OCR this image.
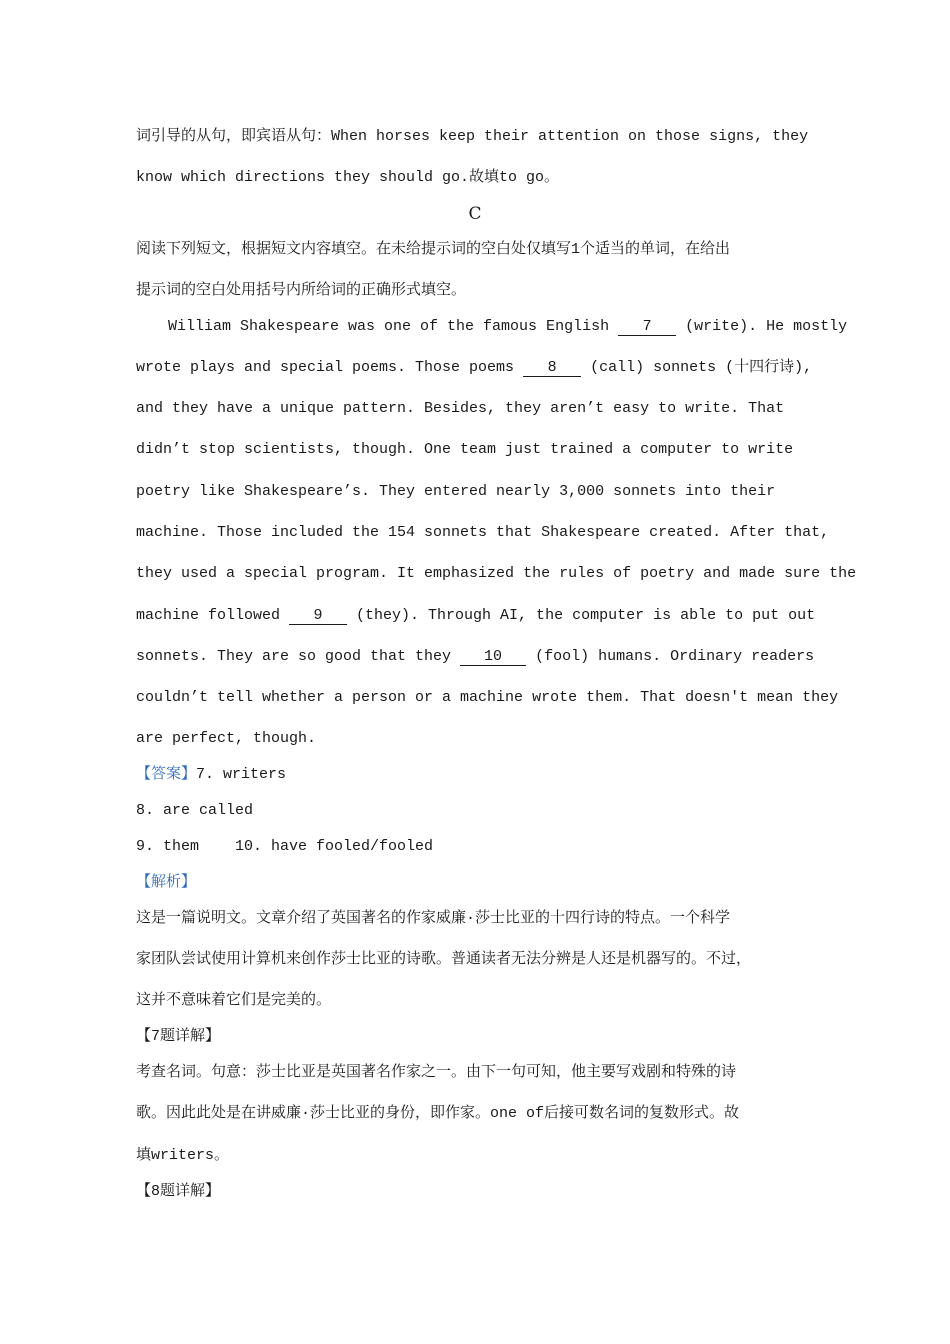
词引导的从句，即宾语从句：When horses keep their attention on those signs, they
know which directions they should go.故填to go。
C
阅读下列短文，根据短文内容填空。在未给提示词的空白处仅填写1个适当的单词，在给出
提示词的空白处用括号内所给词的正确形式填空。
William Shakespeare was one of the famous English 7 (write). He mostly
wrote plays and special poems. Those poems 8 (call) sonnets (十四行诗),
and they have a unique pattern. Besides, they aren’t easy to write. That
didn’t stop scientists, though. One team just trained a computer to write
poetry like Shakespeare’s. They entered nearly 3,000 sonnets into their
machine. Those included the 154 sonnets that Shakespeare created. After that,
they used a special program. It emphasized the rules of poetry and made sure the
machine followed 9 (they). Through AI, the computer is able to put out
sonnets. They are so good that they 10 (fool) humans. Ordinary readers
couldn’t tell whether a person or a machine wrote them. That doesn't mean they
are perfect, though.
【答案】7. writers
8. are called
9. them 10. have fooled/fooled
【解析】
这是一篇说明文。文章介绍了英国著名的作家威廉·莎士比亚的十四行诗的特点。一个科学
家团队尝试使用计算机来创作莎士比亚的诗歌。普通读者无法分辨是人还是机器写的。不过，
这并不意味着它们是完美的。
【7题详解】
考查名词。句意：莎士比亚是英国著名作家之一。由下一句可知，他主要写戏剧和特殊的诗
歌。因此此处是在讲威廉·莎士比亚的身份，即作家。one of后接可数名词的复数形式。故
填writers。
【8题详解】
